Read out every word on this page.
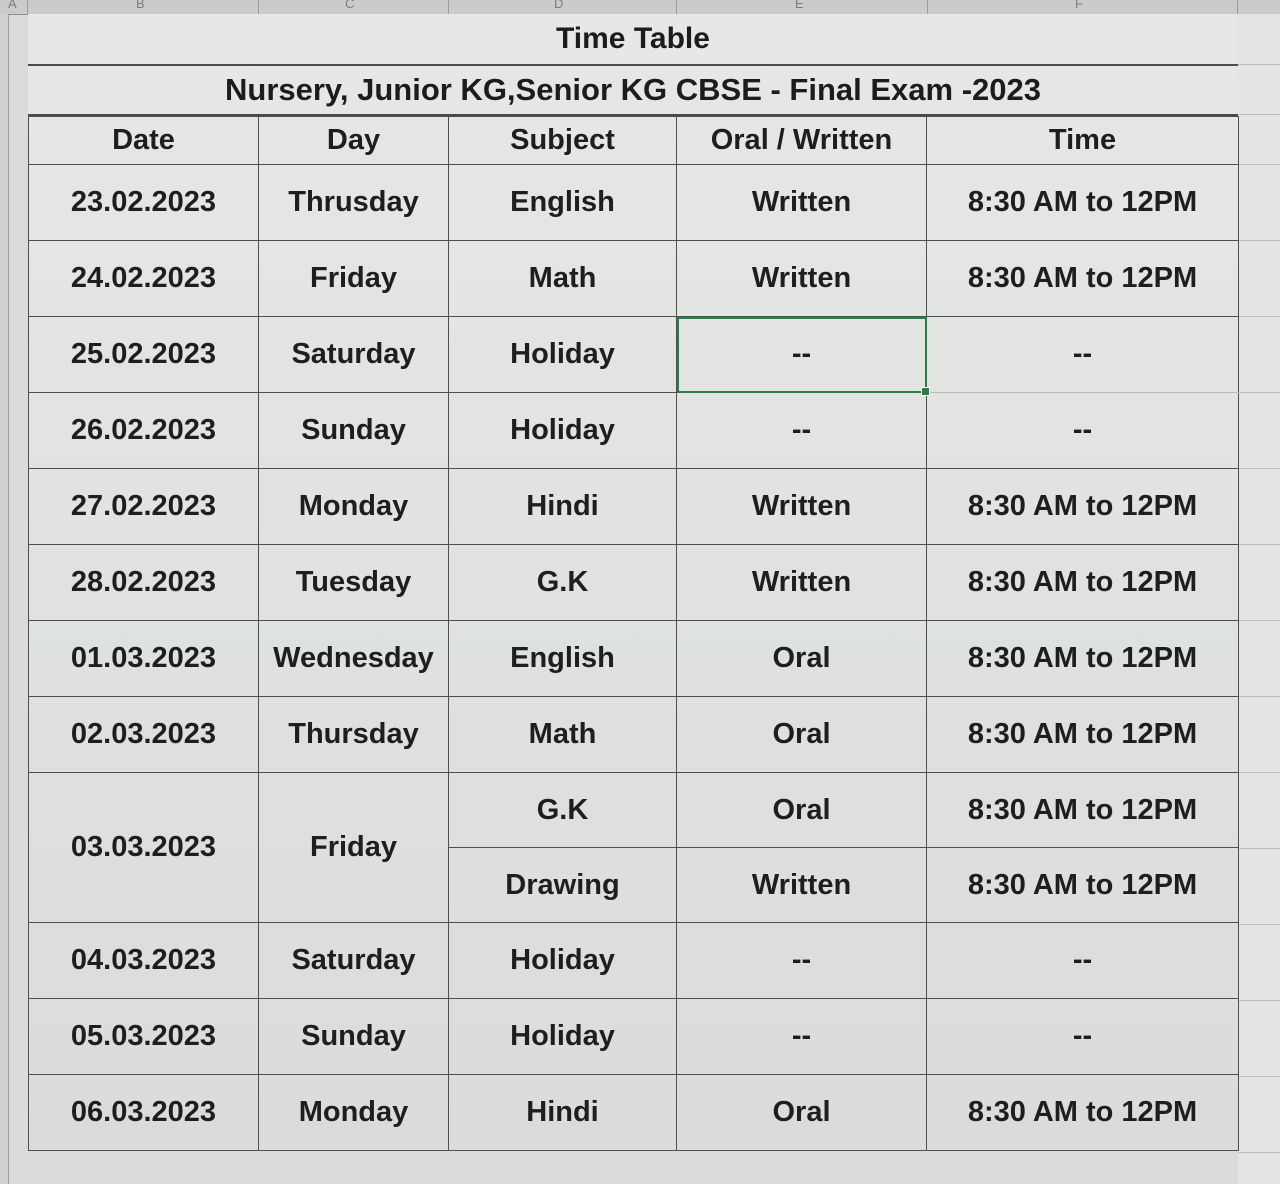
A	B	C	D	E	F
Time Table
Nursery, Junior KG,Senior KG CBSE - Final Exam -2023
Date	Day	Subject	Oral / Written	Time
23.02.2023	Thrusday	English	Written	8:30 AM to 12PM
24.02.2023	Friday	Math	Written	8:30 AM to 12PM
25.02.2023	Saturday	Holiday	--	--
26.02.2023	Sunday	Holiday	--	--
27.02.2023	Monday	Hindi	Written	8:30 AM to 12PM
28.02.2023	Tuesday	G.K	Written	8:30 AM to 12PM
01.03.2023	Wednesday	English	Oral	8:30 AM to 12PM
02.03.2023	Thursday	Math	Oral	8:30 AM to 12PM
03.03.2023	Friday	G.K	Oral	8:30 AM to 12PM
		Drawing	Written	8:30 AM to 12PM
04.03.2023	Saturday	Holiday	--	--
05.03.2023	Sunday	Holiday	--	--
06.03.2023	Monday	Hindi	Oral	8:30 AM to 12PM
